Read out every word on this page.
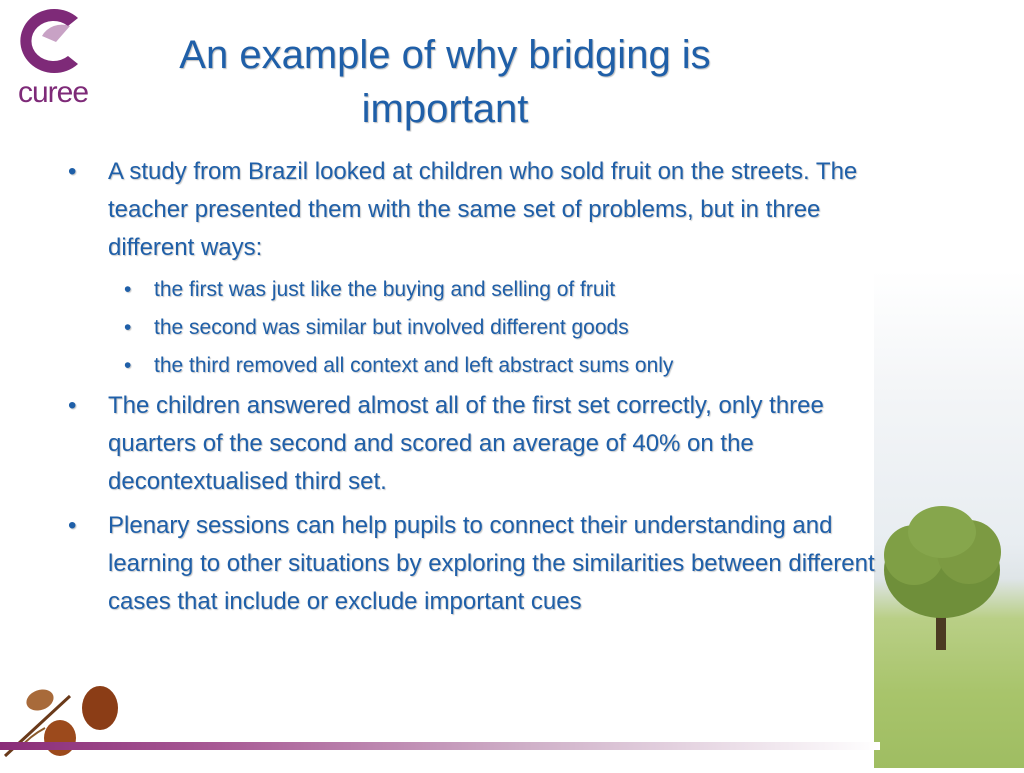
curee
An example of why bridging is important
•	A study from Brazil looked at children who sold fruit on the streets. The teacher presented them with the same set of problems, but in three different ways:
• the first was just like the buying and selling of fruit
• the second was similar but involved different goods
• the third removed all context and left abstract sums only
•	The children answered almost all of the first set correctly, only three quarters of the second and scored an average of 40% on the decontextualised third set.
•	Plenary sessions can help pupils to connect their understanding and learning to other situations by exploring the similarities between different cases that include or exclude important cues
